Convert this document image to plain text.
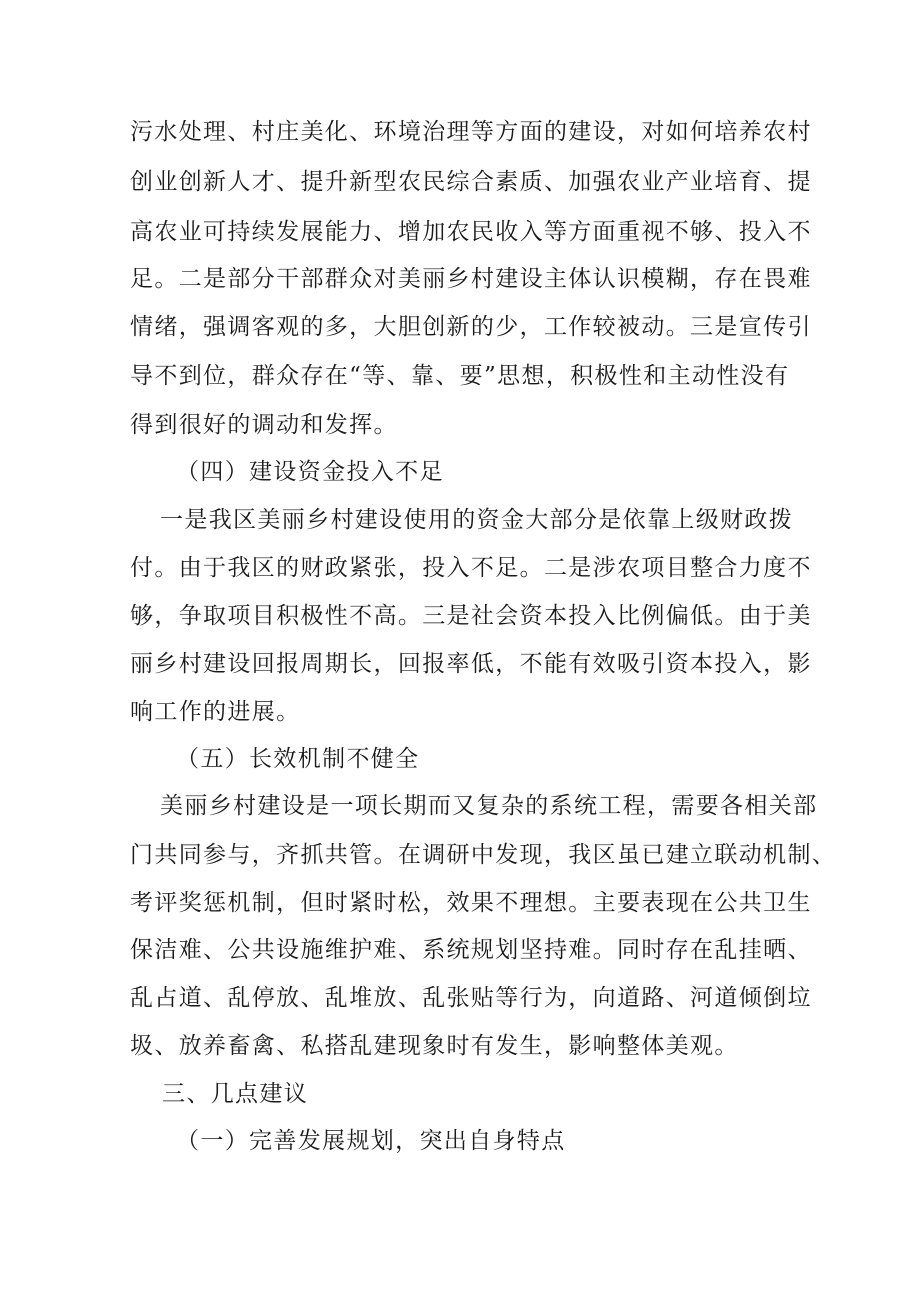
污水处理、村庄美化、环境治理等方面的建设，对如何培养农村
创业创新人才、提升新型农民综合素质、加强农业产业培育、提
高农业可持续发展能力、增加农民收入等方面重视不够、投入不
足。二是部分干部群众对美丽乡村建设主体认识模糊，存在畏难
情绪，强调客观的多，大胆创新的少，工作较被动。三是宣传引
导不到位，群众存在“等、靠、要”思想，积极性和主动性没有
得到很好的调动和发挥。
（四）建设资金投入不足
一是我区美丽乡村建设使用的资金大部分是依靠上级财政拨
付。由于我区的财政紧张，投入不足。二是涉农项目整合力度不
够，争取项目积极性不高。三是社会资本投入比例偏低。由于美
丽乡村建设回报周期长，回报率低，不能有效吸引资本投入，影
响工作的进展。
（五）长效机制不健全
美丽乡村建设是一项长期而又复杂的系统工程，需要各相关部
门共同参与，齐抓共管。在调研中发现，我区虽已建立联动机制、
考评奖惩机制，但时紧时松，效果不理想。主要表现在公共卫生
保洁难、公共设施维护难、系统规划坚持难。同时存在乱挂晒、
乱占道、乱停放、乱堆放、乱张贴等行为，向道路、河道倾倒垃
圾、放养畜禽、私搭乱建现象时有发生，影响整体美观。
三、几点建议
（一）完善发展规划，突出自身特点
